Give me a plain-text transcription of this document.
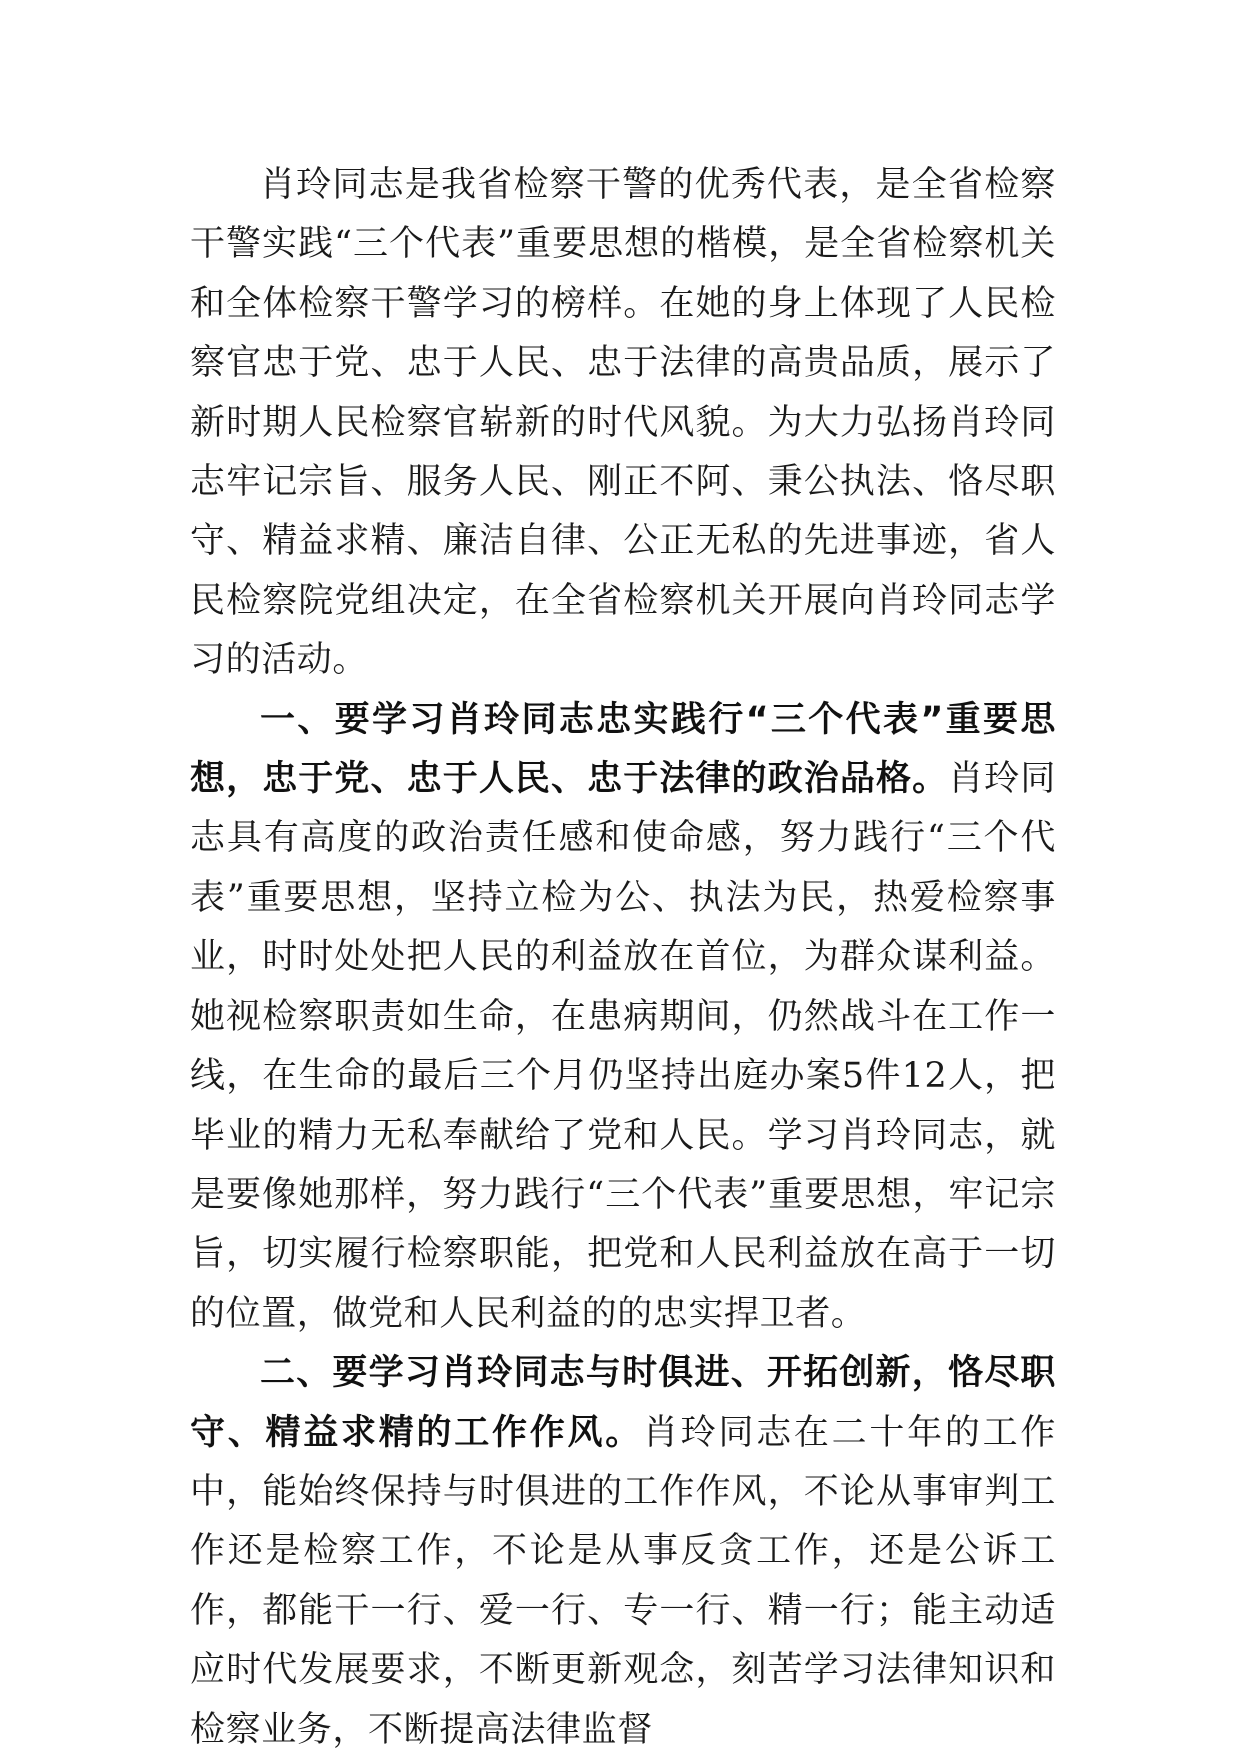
肖玲同志是我省检察干警的优秀代表，是全省检察干警实践“三个代表”重要思想的楷模，是全省检察机关和全体检察干警学习的榜样。在她的身上体现了人民检察官忠于党、忠于人民、忠于法律的高贵品质，展示了新时期人民检察官崭新的时代风貌。为大力弘扬肖玲同志牢记宗旨、服务人民、刚正不阿、秉公执法、恪尽职守、精益求精、廉洁自律、公正无私的先进事迹，省人民检察院党组决定，在全省检察机关开展向肖玲同志学习的活动。

一、要学习肖玲同志忠实践行“三个代表”重要思想，忠于党、忠于人民、忠于法律的政治品格。肖玲同志具有高度的政治责任感和使命感，努力践行“三个代表”重要思想，坚持立检为公、执法为民，热爱检察事业，时时处处把人民的利益放在首位，为群众谋利益。她视检察职责如生命，在患病期间，仍然战斗在工作一线，在生命的最后三个月仍坚持出庭办案5件12人，把毕业的精力无私奉献给了党和人民。学习肖玲同志，就是要像她那样，努力践行“三个代表”重要思想，牢记宗旨，切实履行检察职能，把党和人民利益放在高于一切的位置，做党和人民利益的的忠实捍卫者。

二、要学习肖玲同志与时俱进、开拓创新，恪尽职守、精益求精的工作作风。肖玲同志在二十年的工作中，能始终保持与时俱进的工作作风，不论从事审判工作还是检察工作，不论是从事反贪工作，还是公诉工作，都能干一行、爱一行、专一行、精一行；能主动适应时代发展要求，不断更新观念，刻苦学习法律知识和检察业务，不断提高法律监督
